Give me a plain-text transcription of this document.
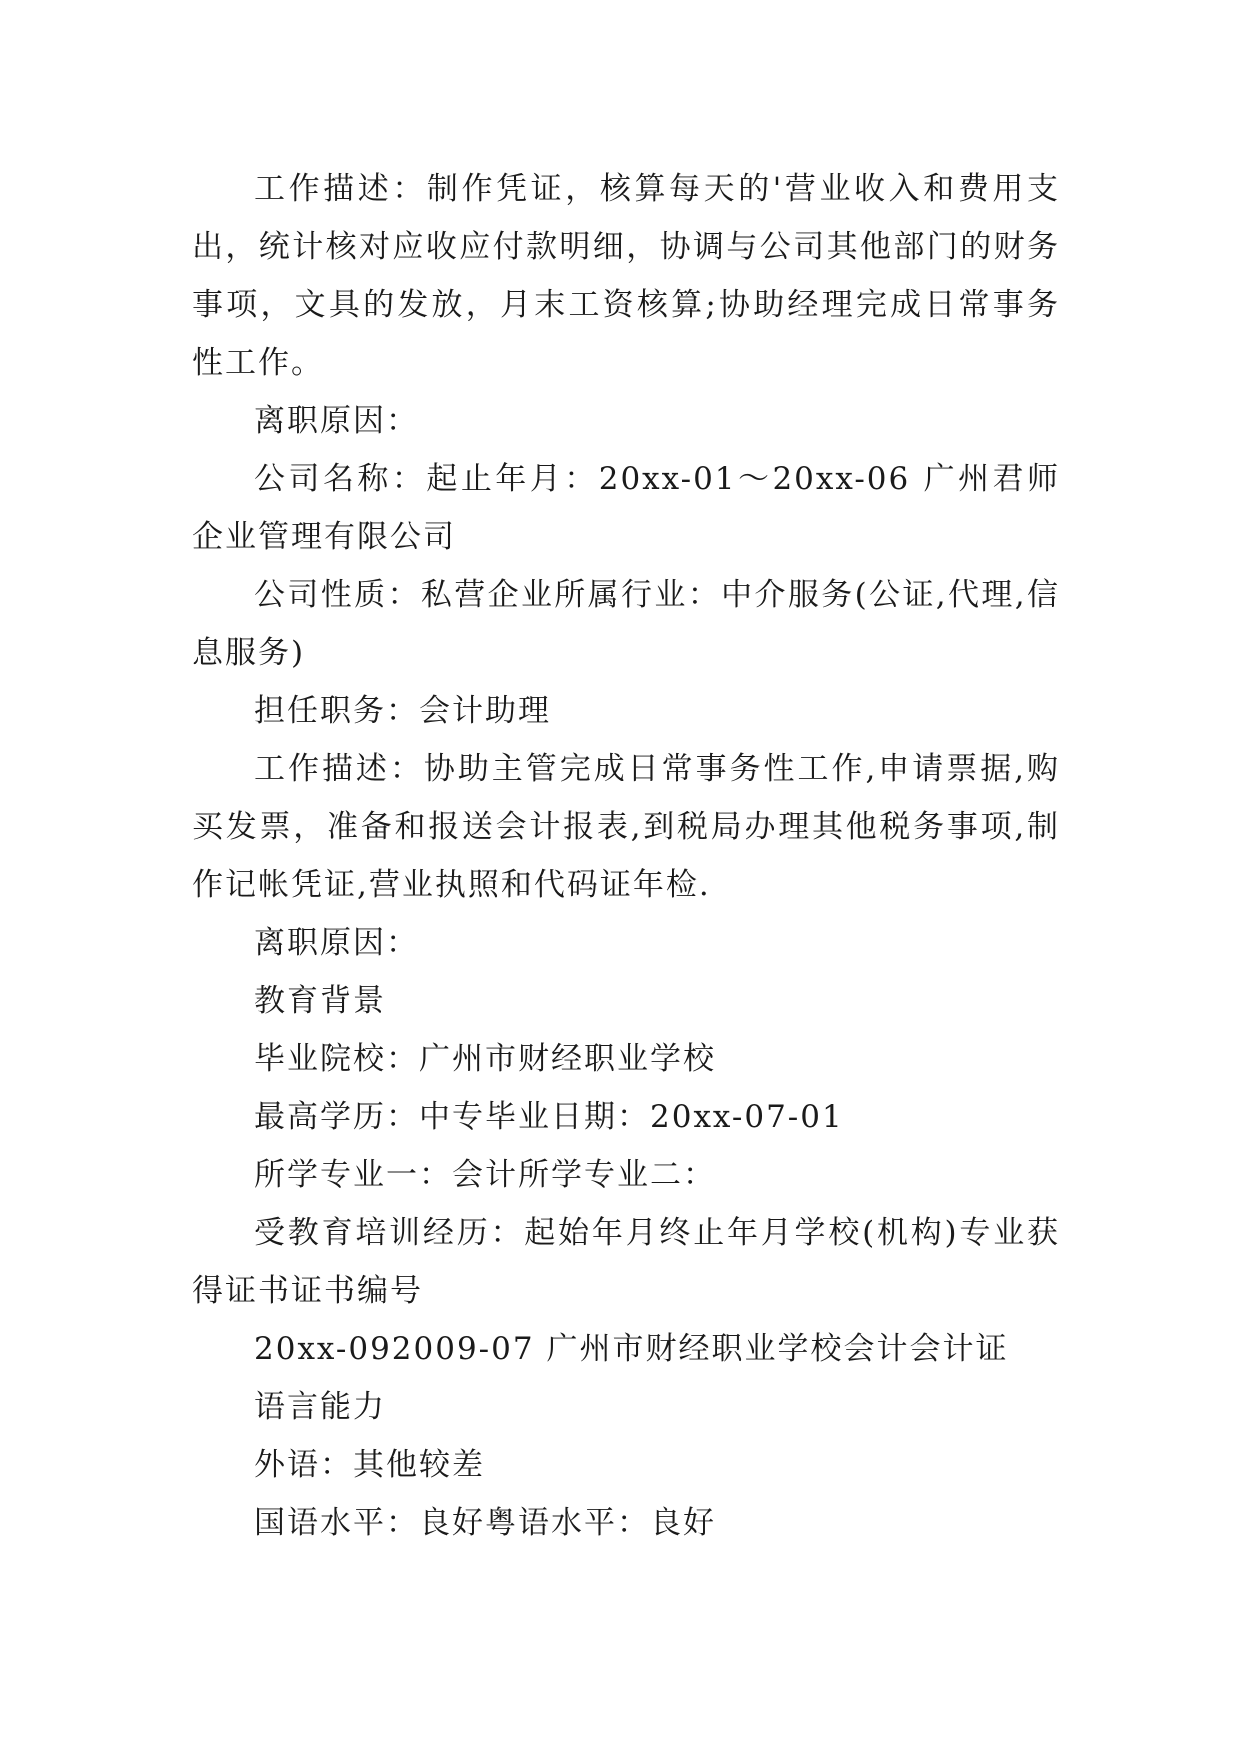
工作描述：制作凭证，核算每天的'营业收入和费用支出，统计核对应收应付款明细，协调与公司其他部门的财务事项，文具的发放，月末工资核算;协助经理完成日常事务性工作。

离职原因：

公司名称：起止年月：20xx-01～20xx-06 广州君师企业管理有限公司

公司性质：私营企业所属行业：中介服务(公证,代理,信息服务)

担任职务：会计助理

工作描述：协助主管完成日常事务性工作,申请票据,购买发票，准备和报送会计报表,到税局办理其他税务事项,制作记帐凭证,营业执照和代码证年检.

离职原因：

教育背景

毕业院校：广州市财经职业学校

最高学历：中专毕业日期：20xx-07-01

所学专业一：会计所学专业二：

受教育培训经历：起始年月终止年月学校(机构)专业获得证书证书编号

20xx-092009-07 广州市财经职业学校会计会计证

语言能力

外语：其他较差

国语水平：良好粤语水平：良好
